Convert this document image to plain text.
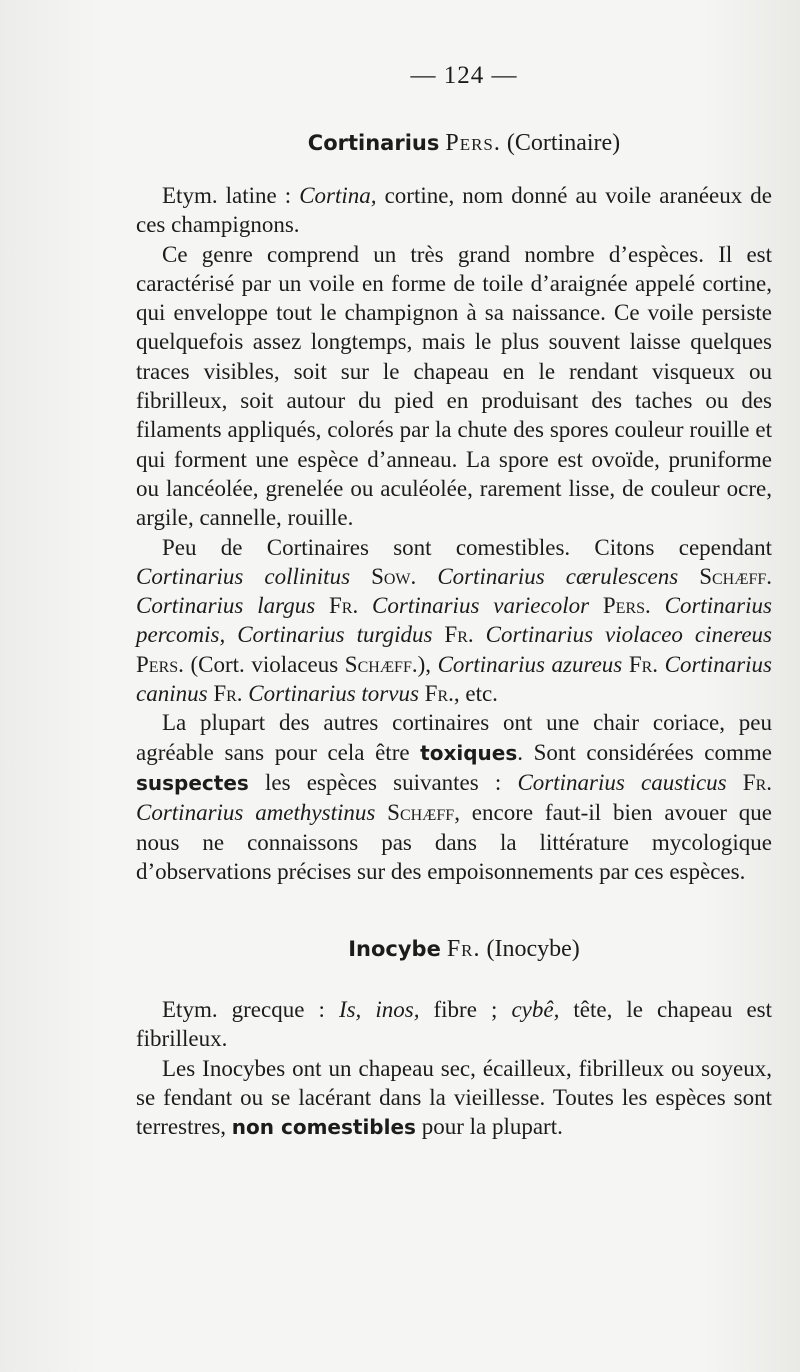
— 124 —
Cortinarius Pers. (Cortinaire)

Etym. latine : Cortina, cortine, nom donné au voile aranéeux de ces champignons.

Ce genre comprend un très grand nombre d’espèces. Il est caractérisé par un voile en forme de toile d’araignée appelé cortine, qui enveloppe tout le champignon à sa naissance. Ce voile persiste quelquefois assez longtemps, mais le plus souvent laisse quelques traces visibles, soit sur le chapeau en le rendant visqueux ou fibrilleux, soit autour du pied en produisant des taches ou des filaments appliqués, colorés par la chute des spores couleur rouille et qui forment une espèce d’anneau. La spore est ovoïde, pruniforme ou lancéolée, grenelée ou aculéolée, rarement lisse, de couleur ocre, argile, cannelle, rouille.

Peu de Cortinaires sont comestibles. Citons cependant Cortinarius collinitus Sow. Cortinarius cærulescens Schæff. Cortinarius largus Fr. Cortinarius variecolor Pers. Cortinarius percomis, Cortinarius turgidus Fr. Cortinarius violaceo cinereus Pers. (Cort. violaceus Schæff.), Cortinarius azureus Fr. Cortinarius caninus Fr. Cortinarius torvus Fr., etc.

La plupart des autres cortinaires ont une chair coriace, peu agréable sans pour cela être toxiques. Sont considérées comme suspectes les espèces suivantes : Cortinarius causticus Fr. Cortinarius amethystinus Schæff, encore faut-il bien avouer que nous ne connaissons pas dans la littérature mycologique d’observations précises sur des empoisonnements par ces espèces.

Inocybe Fr. (Inocybe)

Etym. grecque : Is, inos, fibre ; cybê, tête, le chapeau est fibrilleux.

Les Inocybes ont un chapeau sec, écailleux, fibrilleux ou soyeux, se fendant ou se lacérant dans la vieillesse. Toutes les espèces sont terrestres, non comestibles pour la plupart.
